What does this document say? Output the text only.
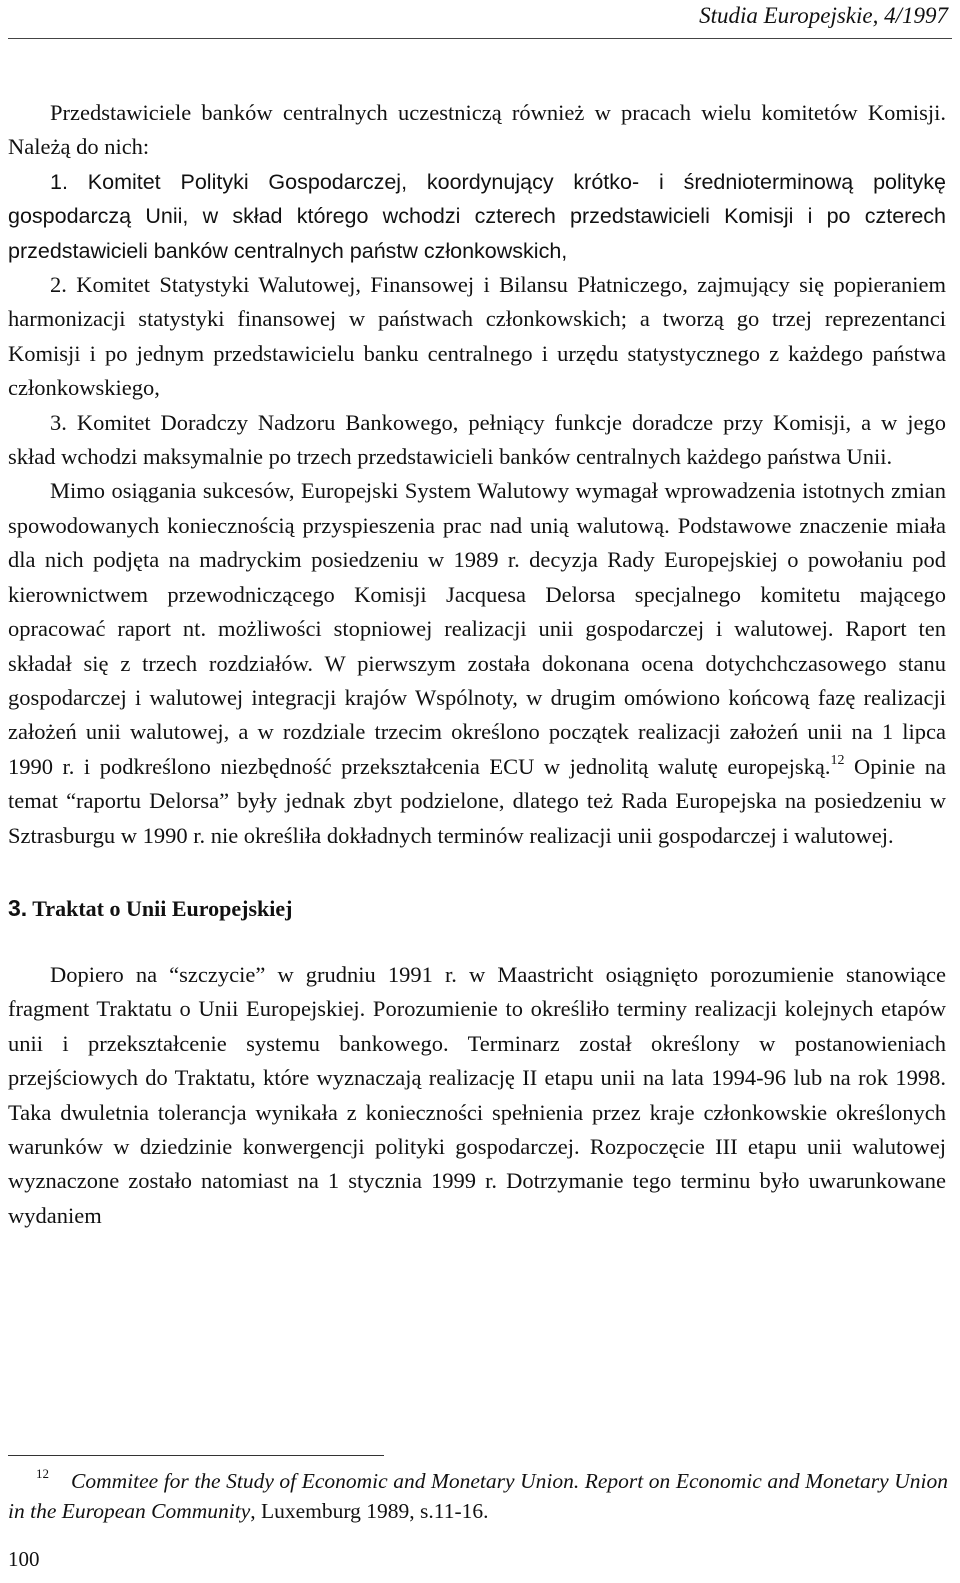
Studia Europejskie, 4/1997

Przedstawiciele banków centralnych uczestniczą również w pracach wielu komitetów Komisji. Należą do nich:

1. Komitet Polityki Gospodarczej, koordynujący krótko- i średnioterminową politykę gospodarczą Unii, w skład którego wchodzi czterech przedstawicieli Komisji i po czterech przedstawicieli banków centralnych państw członkowskich,

2. Komitet Statystyki Walutowej, Finansowej i Bilansu Płatniczego, zajmujący się popieraniem harmonizacji statystyki finansowej w państwach członkowskich; a tworzą go trzej reprezentanci Komisji i po jednym przedstawicielu banku centralnego i urzędu statystycznego z każdego państwa członkowskiego,

3. Komitet Doradczy Nadzoru Bankowego, pełniący funkcje doradcze przy Komisji, a w jego skład wchodzi maksymalnie po trzech przedstawicieli banków centralnych każdego państwa Unii.

Mimo osiągania sukcesów, Europejski System Walutowy wymagał wprowadzenia istotnych zmian spowodowanych koniecznością przyspieszenia prac nad unią walutową. Podstawowe znaczenie miała dla nich podjęta na madryckim posiedzeniu w 1989 r. decyzja Rady Europejskiej o powołaniu pod kierownictwem przewodniczącego Komisji Jacquesa Delorsa specjalnego komitetu mającego opracować raport nt. możliwości stopniowej realizacji unii gospodarczej i walutowej. Raport ten składał się z trzech rozdziałów. W pierwszym została dokonana ocena dotychchczasowego stanu gospodarczej i walutowej integracji krajów Wspólnoty, w drugim omówiono końcową fazę realizacji założeń unii walutowej, a w rozdziale trzecim określono początek realizacji założeń unii na 1 lipca 1990 r. i podkreślono niezbędność przekształcenia ECU w jednolitą walutę europejską.$^{12}$ Opinie na temat “raportu Delorsa” były jednak zbyt podzielone, dlatego też Rada Europejska na posiedzeniu w Sztrasburgu w 1990 r. nie określiła dokładnych terminów realizacji unii gospodarczej i walutowej.

3. Traktat o Unii Europejskiej

Dopiero na “szczycie” w grudniu 1991 r. w Maastricht osiągnięto porozumienie stanowiące fragment Traktatu o Unii Europejskiej. Porozumienie to określiło terminy realizacji kolejnych etapów unii i przekształcenie systemu bankowego. Terminarz został określony w postanowieniach przejściowych do Traktatu, które wyznaczają realizację II etapu unii na lata 1994-96 lub na rok 1998. Taka dwuletnia tolerancja wynikała z konieczności spełnienia przez kraje członkowskie określonych warunków w dziedzinie konwergencji polityki gospodarczej. Rozpoczęcie III etapu unii walutowej wyznaczone zostało natomiast na 1 stycznia 1999 r. Dotrzymanie tego terminu było uwarunkowane wydaniem

$^{12}$ Commitee for the Study of Economic and Monetary Union. Report on Economic and Monetary Union in the European Community, Luxemburg 1989, s.11-16.
100
